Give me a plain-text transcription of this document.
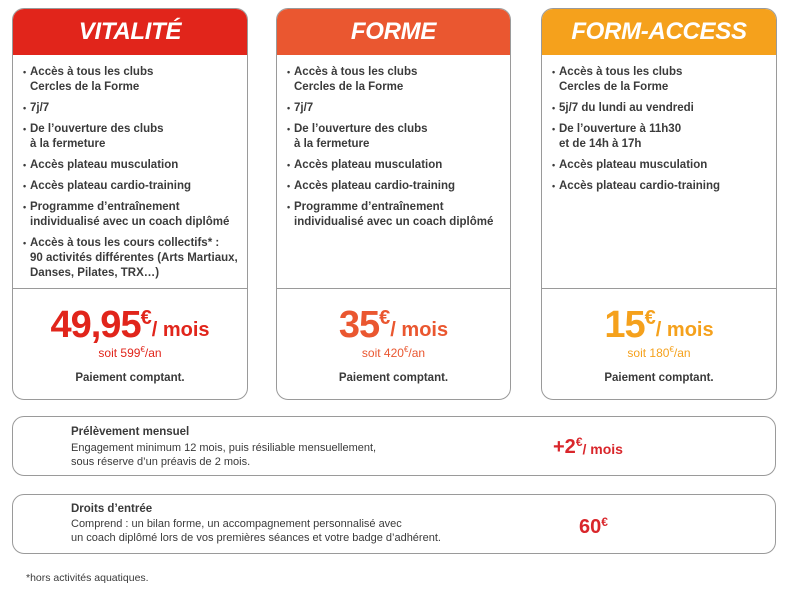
VITALITÉ
• Accès à tous les clubs
Cercles de la Forme
• 7j/7
• De l’ouverture des clubs
à la fermeture
• Accès plateau musculation
• Accès plateau cardio-training
• Programme d’entraînement
individualisé avec un coach diplômé
• Accès à tous les cours collectifs* :
90 activités différentes (Arts Martiaux,
Danses, Pilates, TRX…)
49,95 €
/ mois
soit 599€ /an
Paiement comptant.
FORME
• Accès à tous les clubs
Cercles de la Forme
• 7j/7
• De l’ouverture des clubs
à la fermeture
• Accès plateau musculation
• Accès plateau cardio-training
• Programme d’entraînement
individualisé avec un coach diplômé
35 €
/ mois
soit 420€ /an
Paiement comptant.
FORM-ACCESS
• Accès à tous les clubs
Cercles de la Forme
• 5j/7 du lundi au vendredi
• De l’ouverture à 11h30
et de 14h à 17h
• Accès plateau musculation
• Accès plateau cardio-training
15 €
/ mois
soit 180€ /an
Paiement comptant.
Prélèvement mensuel
Engagement minimum 12 mois, puis résiliable mensuellement,
sous réserve d’un préavis de 2 mois.
+2 € / mois
Droits d’entrée
Comprend : un bilan forme, un accompagnement personnalisé avec
un coach diplômé lors de vos premières séances et votre badge d’adhérent.	60 €
*hors activités aquatiques.
